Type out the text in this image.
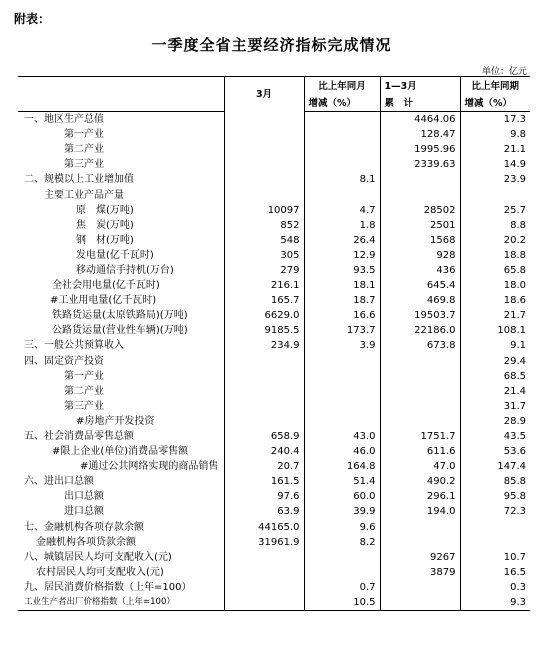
附表：
一季度全省主要经济指标完成情况
单位：亿元
	3月	比上年同月	1—3月	比上年同期
		增减（%）	累　计	增减（%）
一、地区生产总值			4464.06	17.3
第一产业			128.47	9.8
第二产业			1995.96	21.1
第三产业			2339.63	14.9
二、规模以上工业增加值		8.1		23.9
主要工业产品产量				
原　煤(万吨)	10097	4.7	28502	25.7
焦　炭(万吨)	852	1.8	2501	8.8
钢　材(万吨)	548	26.4	1568	20.2
发电量(亿千瓦时)	305	12.9	928	18.8
移动通信手持机(万台)	279	93.5	436	65.8
全社会用电量(亿千瓦时)	216.1	18.1	645.4	18.0
#工业用电量(亿千瓦时)	165.7	18.7	469.8	18.6
铁路货运量(太原铁路局)(万吨)	6629.0	16.6	19503.7	21.7
公路货运量(营业性车辆)(万吨)	9185.5	173.7	22186.0	108.1
三、一般公共预算收入	234.9	3.9	673.8	9.1
四、固定资产投资				29.4
第一产业				68.5
第二产业				21.4
第三产业				31.7
#房地产开发投资				28.9
五、社会消费品零售总额	658.9	43.0	1751.7	43.5
#限上企业(单位)消费品零售额	240.4	46.0	611.6	53.6
#通过公共网络实现的商品销售	20.7	164.8	47.0	147.4
六、进出口总额	161.5	51.4	490.2	85.8
出口总额	97.6	60.0	296.1	95.8
进口总额	63.9	39.9	194.0	72.3
七、金融机构各项存款余额	44165.0	9.6		
金融机构各项贷款余额	31961.9	8.2		
八、城镇居民人均可支配收入(元)			9267	10.7
农村居民人均可支配收入(元)			3879	16.5
九、居民消费价格指数（上年=100）		0.7		0.3
工业生产者出厂价格指数（上年=100）		10.5		9.3
